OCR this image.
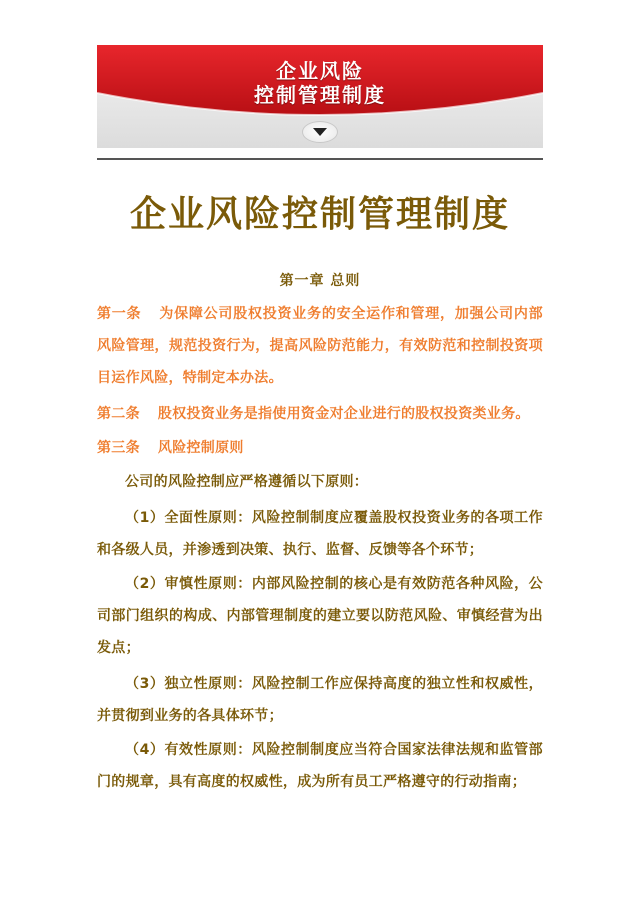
企业风险
控制管理制度
企业风险控制管理制度
第一章 总则
第一条 为保障公司股权投资业务的安全运作和管理，加强公司内部风险管理，规范投资行为，提高风险防范能力，有效防范和控制投资项目运作风险，特制定本办法。
第二条 股权投资业务是指使用资金对企业进行的股权投资类业务。
第三条 风险控制原则
公司的风险控制应严格遵循以下原则：
（1）全面性原则：风险控制制度应覆盖股权投资业务的各项工作和各级人员，并渗透到决策、执行、监督、反馈等各个环节；
（2）审慎性原则：内部风险控制的核心是有效防范各种风险，公司部门组织的构成、内部管理制度的建立要以防范风险、审慎经营为出发点；
（3）独立性原则：风险控制工作应保持高度的独立性和权威性，并贯彻到业务的各具体环节；
（4）有效性原则：风险控制制度应当符合国家法律法规和监管部门的规章，具有高度的权威性，成为所有员工严格遵守的行动指南；
